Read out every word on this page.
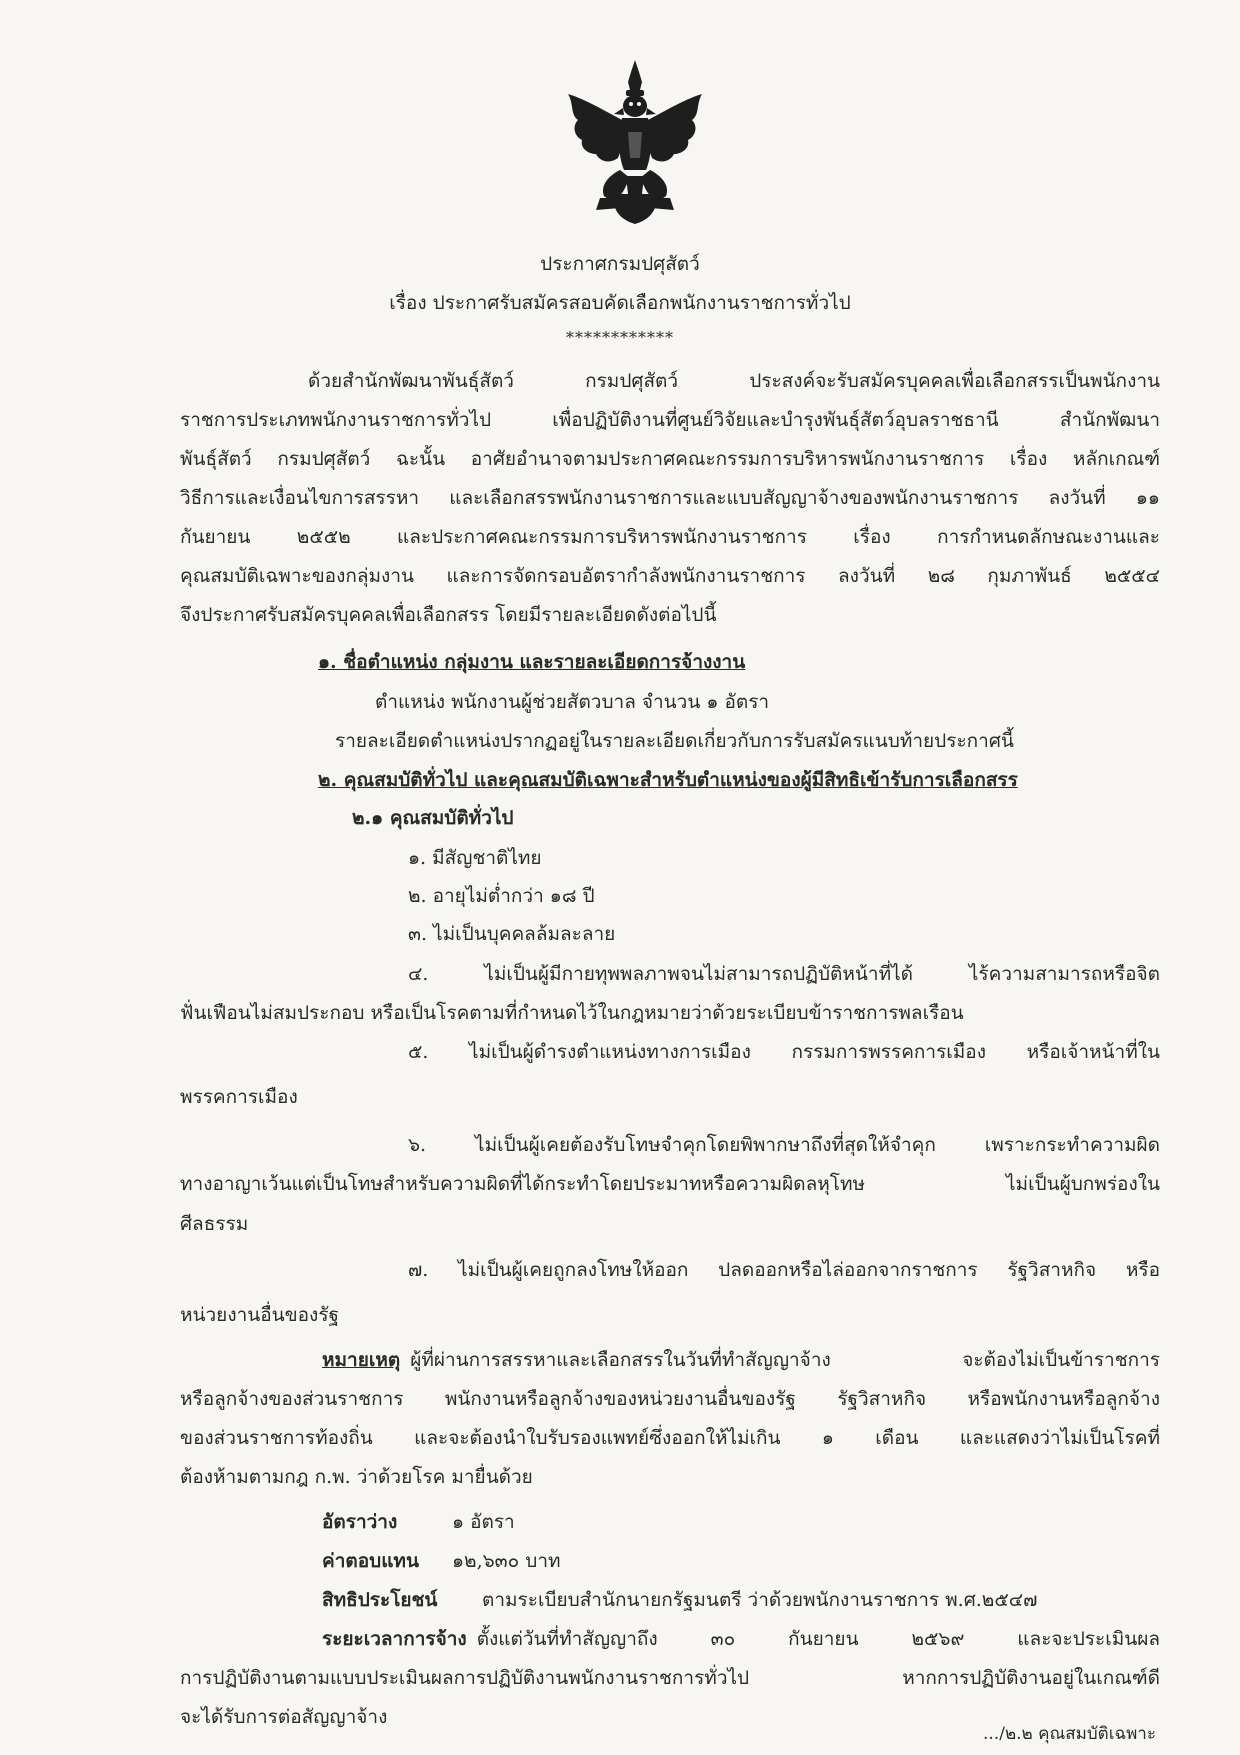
ประกาศกรมปศุสัตว์
เรื่อง ประกาศรับสมัครสอบคัดเลือกพนักงานราชการทั่วไป
************
ด้วยสำนักพัฒนาพันธุ์สัตว์ กรมปศุสัตว์ ประสงค์จะรับสมัครบุคคลเพื่อเลือกสรรเป็นพนักงาน
ราชการประเภทพนักงานราชการทั่วไป เพื่อปฏิบัติงานที่ศูนย์วิจัยและบำรุงพันธุ์สัตว์อุบลราชธานี สำนักพัฒนา
พันธุ์สัตว์ กรมปศุสัตว์ ฉะนั้น อาศัยอำนาจตามประกาศคณะกรรมการบริหารพนักงานราชการ เรื่อง หลักเกณฑ์
วิธีการและเงื่อนไขการสรรหา และเลือกสรรพนักงานราชการและแบบสัญญาจ้างของพนักงานราชการ ลงวันที่ ๑๑
กันยายน ๒๕๕๒ และประกาศคณะกรรมการบริหารพนักงานราชการ เรื่อง การกำหนดลักษณะงานและ
คุณสมบัติเฉพาะของกลุ่มงาน และการจัดกรอบอัตรากำลังพนักงานราชการ ลงวันที่ ๒๘ กุมภาพันธ์ ๒๕๕๔
จึงประกาศรับสมัครบุคคลเพื่อเลือกสรร โดยมีรายละเอียดดังต่อไปนี้
๑. ชื่อตำแหน่ง กลุ่มงาน และรายละเอียดการจ้างงาน
ตำแหน่ง พนักงานผู้ช่วยสัตวบาล จำนวน ๑ อัตรา
รายละเอียดตำแหน่งปรากฏอยู่ในรายละเอียดเกี่ยวกับการรับสมัครแนบท้ายประกาศนี้
๒. คุณสมบัติทั่วไป และคุณสมบัติเฉพาะสำหรับตำแหน่งของผู้มีสิทธิเข้ารับการเลือกสรร
๒.๑ คุณสมบัติทั่วไป
๑. มีสัญชาติไทย
๒. อายุไม่ต่ำกว่า ๑๘ ปี
๓. ไม่เป็นบุคคลล้มละลาย
๔. ไม่เป็นผู้มีกายทุพพลภาพจนไม่สามารถปฏิบัติหน้าที่ได้ ไร้ความสามารถหรือจิต
ฟั่นเฟือนไม่สมประกอบ หรือเป็นโรคตามที่กำหนดไว้ในกฎหมายว่าด้วยระเบียบข้าราชการพลเรือน
๕. ไม่เป็นผู้ดำรงตำแหน่งทางการเมือง กรรมการพรรคการเมือง หรือเจ้าหน้าที่ใน
พรรคการเมือง
๖. ไม่เป็นผู้เคยต้องรับโทษจำคุกโดยพิพากษาถึงที่สุดให้จำคุก เพราะกระทำความผิด
ทางอาญาเว้นแต่เป็นโทษสำหรับความผิดที่ได้กระทำโดยประมาทหรือความผิดลหุโทษ ไม่เป็นผู้บกพร่องใน
ศีลธรรม
๗. ไม่เป็นผู้เคยถูกลงโทษให้ออก ปลดออกหรือไล่ออกจากราชการ รัฐวิสาหกิจ หรือ
หน่วยงานอื่นของรัฐ
หมายเหตุ ผู้ที่ผ่านการสรรหาและเลือกสรรในวันที่ทำสัญญาจ้าง จะต้องไม่เป็นข้าราชการ
หรือลูกจ้างของส่วนราชการ พนักงานหรือลูกจ้างของหน่วยงานอื่นของรัฐ รัฐวิสาหกิจ หรือพนักงานหรือลูกจ้าง
ของส่วนราชการท้องถิ่น และจะต้องนำใบรับรองแพทย์ซึ่งออกให้ไม่เกิน ๑ เดือน และแสดงว่าไม่เป็นโรคที่
ต้องห้ามตามกฎ ก.พ. ว่าด้วยโรค มายื่นด้วย
อัตราว่าง	๑ อัตรา
ค่าตอบแทน ๑๒,๖๓๐ บาท
สิทธิประโยชน์ ตามระเบียบสำนักนายกรัฐมนตรี ว่าด้วยพนักงานราชการ พ.ศ.๒๕๔๗
ระยะเวลาการจ้าง ตั้งแต่วันที่ทำสัญญาถึง ๓๐ กันยายน ๒๕๖๙ และจะประเมินผล
การปฏิบัติงานตามแบบประเมินผลการปฏิบัติงานพนักงานราชการทั่วไป หากการปฏิบัติงานอยู่ในเกณฑ์ดี
จะได้รับการต่อสัญญาจ้าง
.../๒.๒ คุณสมบัติเฉพาะ
